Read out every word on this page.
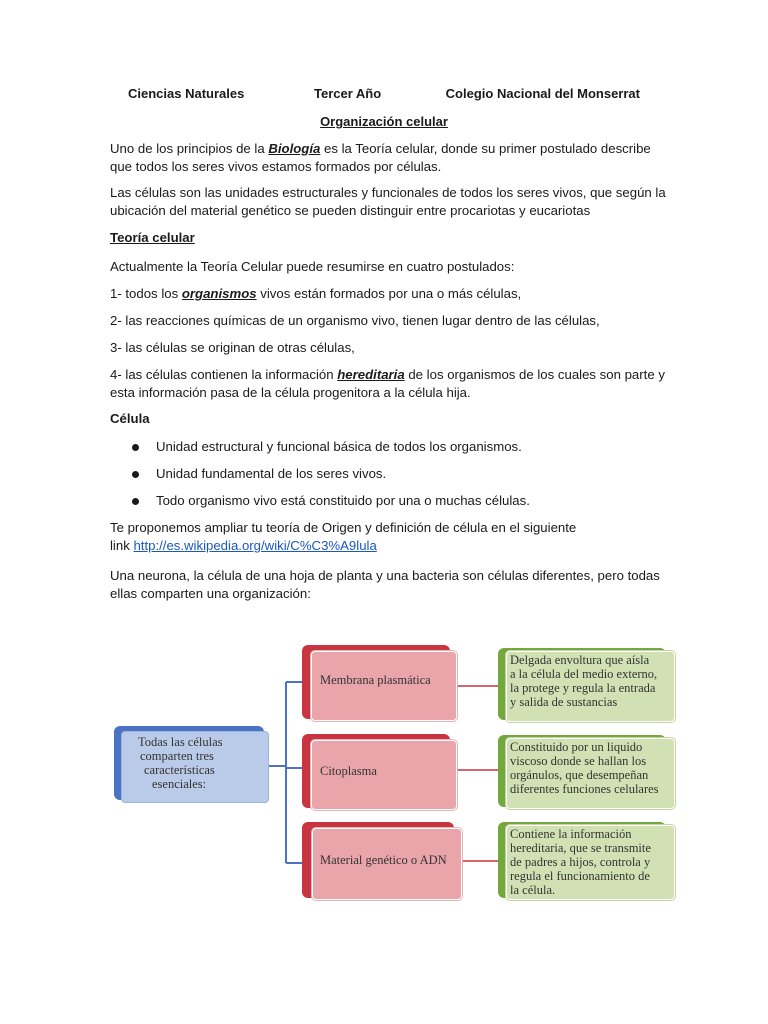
Ciencias Naturales	Tercer Año	Colegio Nacional del Monserrat
Organización celular
Uno de los principios de la Biología es la Teoría celular, donde su primer postulado describe
que todos los seres vivos estamos formados por células.
Las células son las unidades estructurales y funcionales de todos los seres vivos, que según la
ubicación del material genético se pueden distinguir entre procariotas y eucariotas
Teoría celular
Actualmente la Teoría Celular puede resumirse en cuatro postulados:
1- todos los organismos vivos están formados por una o más células,
2- las reacciones químicas de un organismo vivo, tienen lugar dentro de las células,
3- las células se originan de otras células,
4- las células contienen la información hereditaria de los organismos de los cuales son parte y
esta información pasa de la célula progenitora a la célula hija.
Célula
Unidad estructural y funcional básica de todos los organismos.
Unidad fundamental de los seres vivos.
Todo organismo vivo está constituido por una o muchas células.
Te proponemos ampliar tu teoría de Origen y definición de célula en el siguiente
link http://es.wikipedia.org/wiki/C%C3%A9lula
Una neurona, la célula de una hoja de planta y una bacteria son células diferentes, pero todas
ellas comparten una organización:
Todas las células
comparten tres
características
esenciales:
Membrana plasmática
Citoplasma
Material genético o ADN
Delgada envoltura que aísla
a la célula del medio externo,
la protege y regula la entrada
y salida de sustancias
Constituido por un liquido
viscoso donde se hallan los
orgánulos, que desempeñan
diferentes funciones celulares
Contiene la información
hereditaria, que se transmite
de padres a hijos, controla y
regula el funcionamiento de
la célula.
